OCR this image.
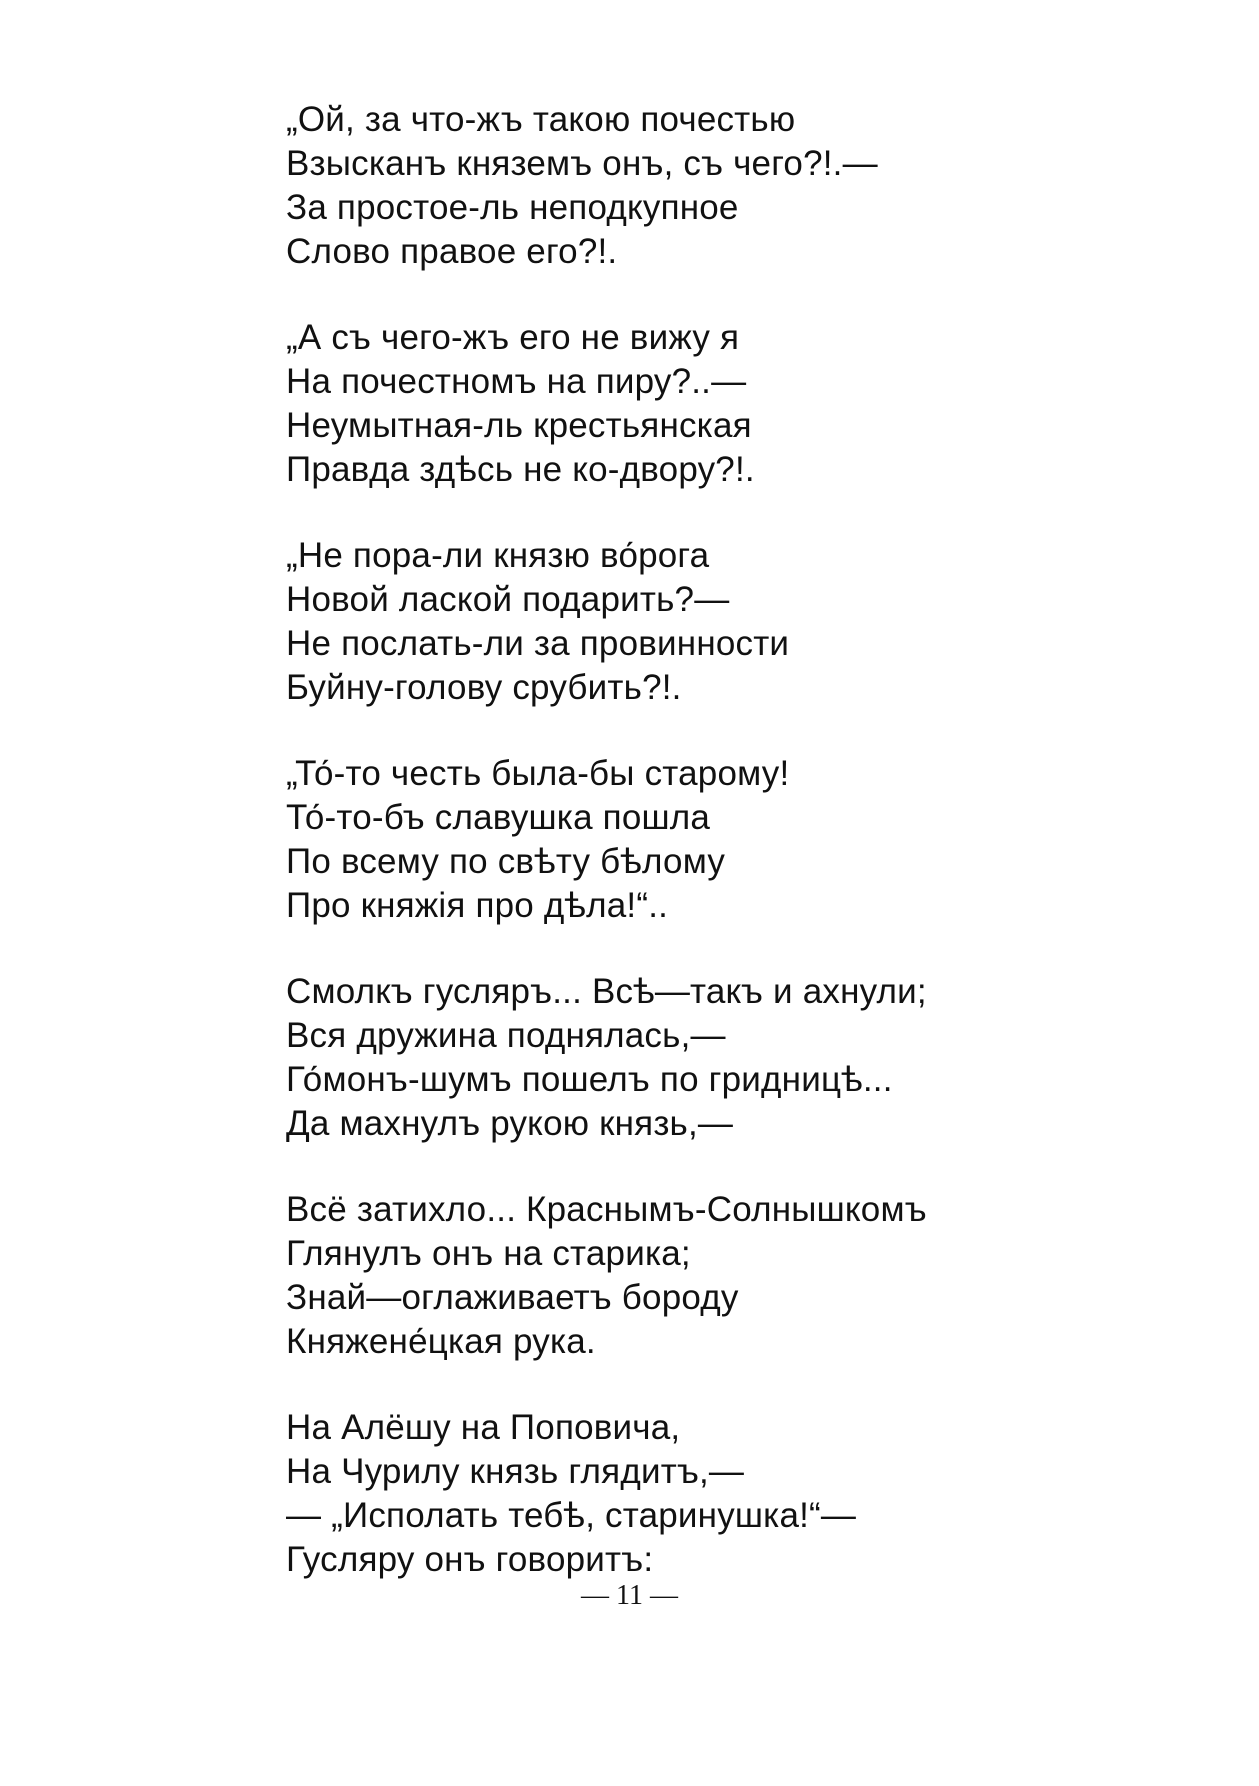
„Ой, за что-жъ такою почестью
Взысканъ княземъ онъ, съ чего?!.—
За простое-ль неподкупное
Слово правое его?!.
„А съ чего-жъ его не вижу я
На почестномъ на пиру?..—
Неумытная-ль крестьянская
Правда здѣсь не ко-двору?!.
„Не пора-ли князю во́рога
Новой лаской подарить?—
Не послать-ли за провинности
Буйну-голову срубить?!.
„То́-то честь была-бы старому!
То́-то-бъ славушка пошла
По всему по свѣту бѣлому
Про княжія про дѣла!“..
Смолкъ гусляръ... Всѣ—такъ и ахнули;
Вся дружина поднялась,—
Го́монъ-шумъ пошелъ по гридницѣ...
Да махнулъ рукою князь,—
Всё затихло... Краснымъ-Солнышкомъ
Глянулъ онъ на старика;
Знай—оглаживаетъ бороду
Княжене́цкая рука.
На Алёшу на Поповича,
На Чурилу князь глядитъ,—
— „Исполать тебѣ, старинушка!“—
Гусляру онъ говоритъ:
— 11 —
